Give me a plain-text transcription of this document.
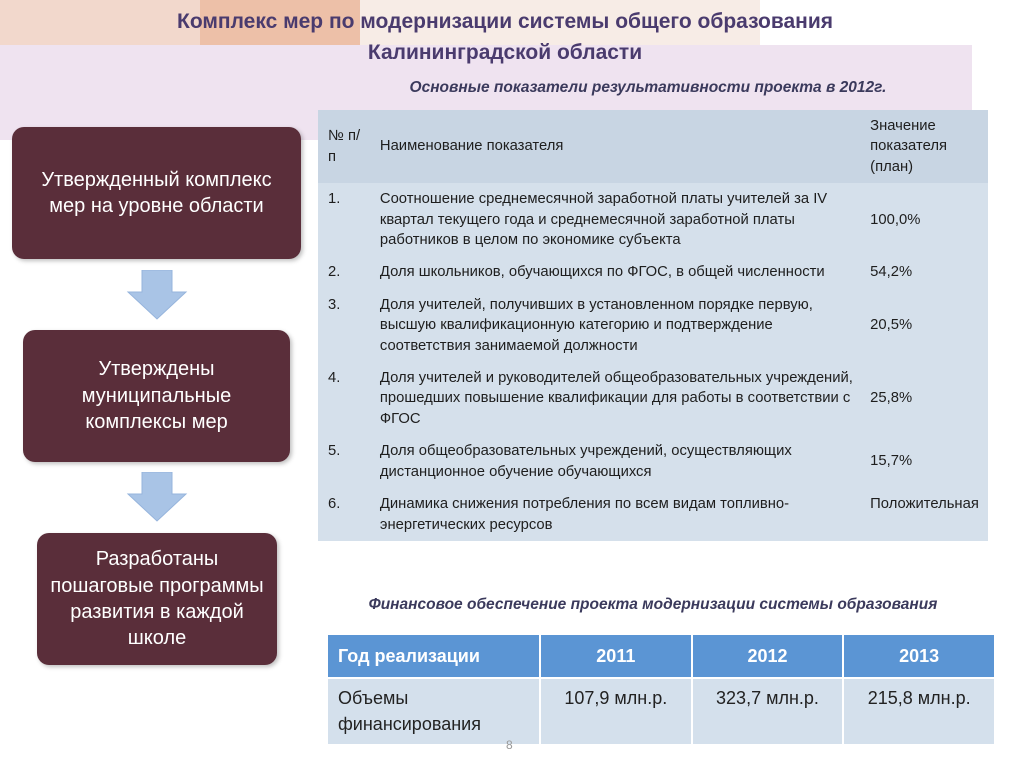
Комплекс мер по модернизации системы общего образования
Калининградской области
Основные показатели результативности проекта в 2012г.
Утвержденный комплекс мер на уровне области
Утверждены муниципальные комплексы мер
Разработаны пошаговые программы развития в каждой школе
№ п/п	Наименование показателя	Значение показателя (план)
1.	Соотношение среднемесячной заработной платы учителей за IV квартал текущего года и среднемесячной заработной платы работников в целом по экономике субъекта	100,0%
2.	Доля школьников, обучающихся по ФГОС, в общей численности	54,2%
3.	Доля учителей, получивших в установленном порядке первую, высшую квалификационную категорию и подтверждение соответствия занимаемой должности	20,5%
4.	Доля учителей и руководителей общеобразовательных учреждений, прошедших повышение квалификации для работы в соответствии с ФГОС	25,8%
5.	Доля общеобразовательных учреждений, осуществляющих дистанционное обучение обучающихся	15,7%
6.	Динамика снижения потребления по всем видам топливно-энергетических ресурсов	Положительная
Финансовое обеспечение проекта модернизации системы образования
Год реализации	2011	2012	2013
Объемы финансирования	107,9 млн.р.	323,7 млн.р.	215,8 млн.р.
8
